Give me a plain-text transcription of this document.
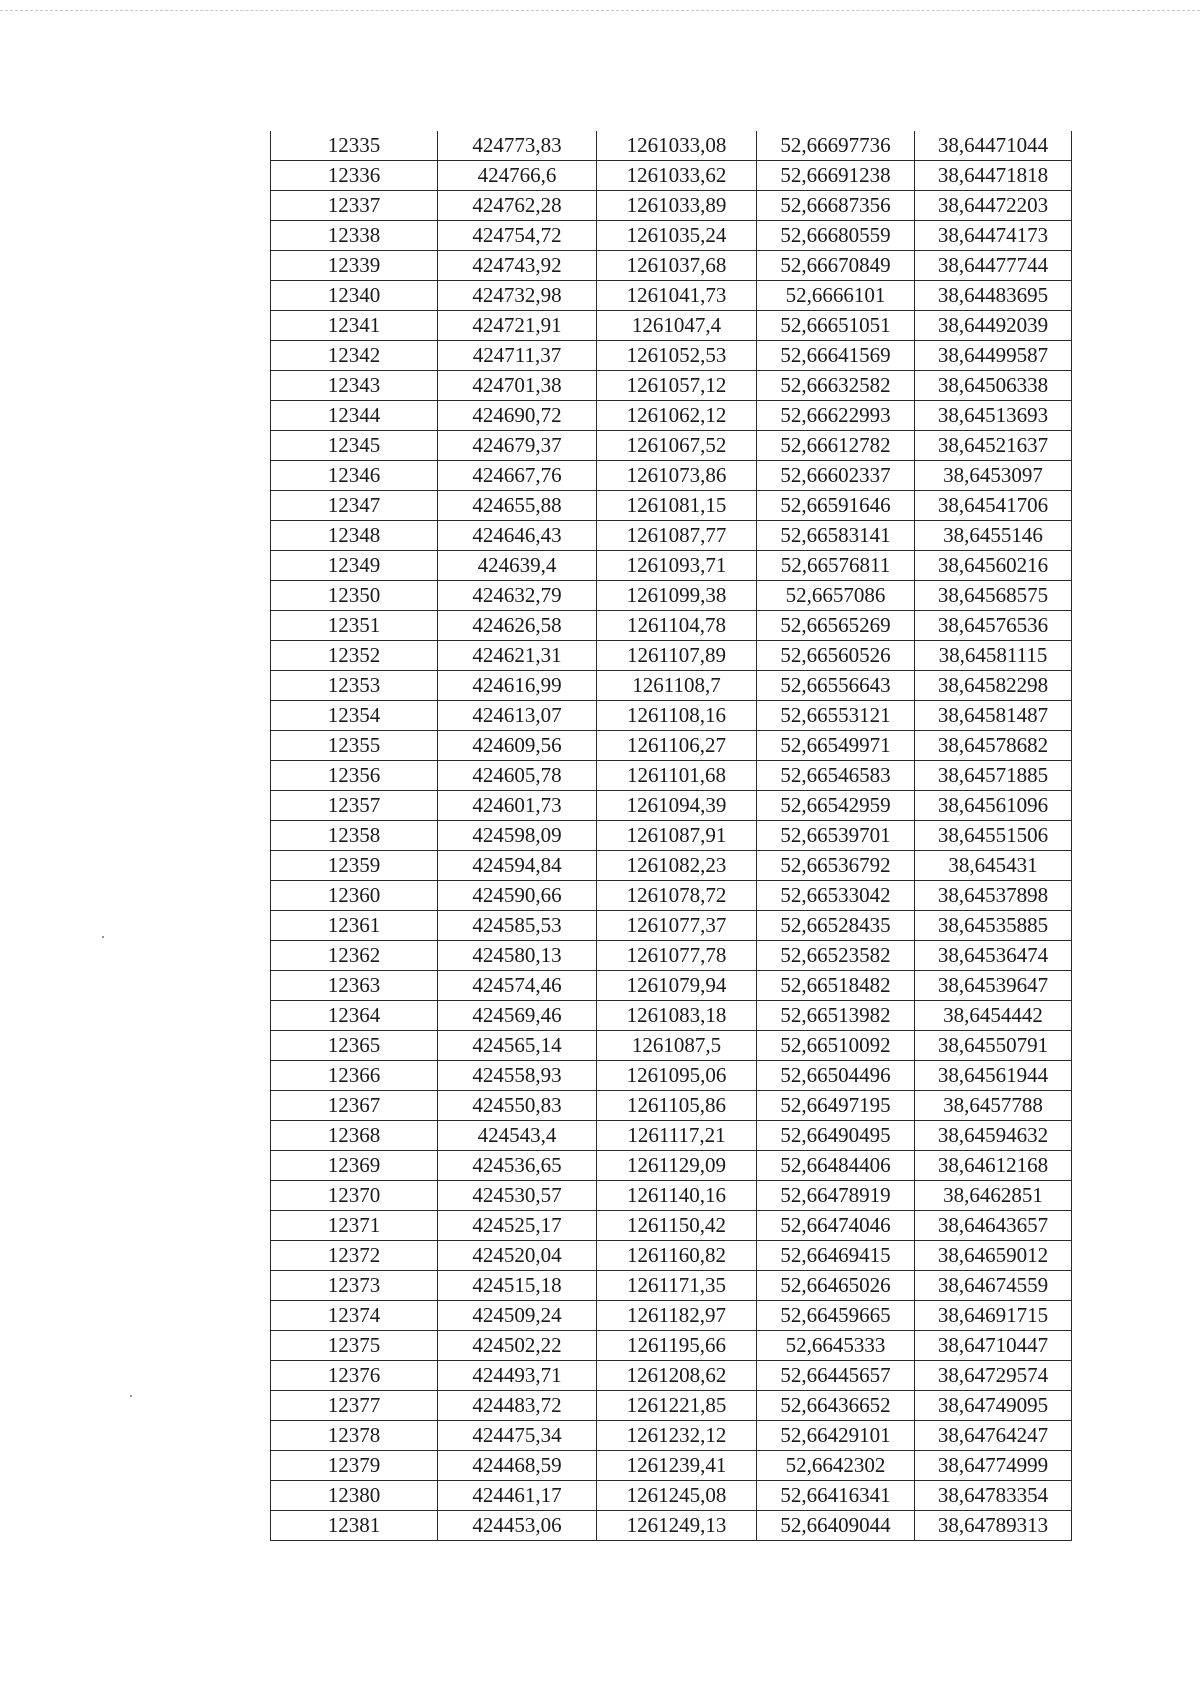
12335	424773,83	1261033,08	52,66697736	38,64471044
12336	424766,6	1261033,62	52,66691238	38,64471818
12337	424762,28	1261033,89	52,66687356	38,64472203
12338	424754,72	1261035,24	52,66680559	38,64474173
12339	424743,92	1261037,68	52,66670849	38,64477744
12340	424732,98	1261041,73	52,6666101	38,64483695
12341	424721,91	1261047,4	52,66651051	38,64492039
12342	424711,37	1261052,53	52,66641569	38,64499587
12343	424701,38	1261057,12	52,66632582	38,64506338
12344	424690,72	1261062,12	52,66622993	38,64513693
12345	424679,37	1261067,52	52,66612782	38,64521637
12346	424667,76	1261073,86	52,66602337	38,6453097
12347	424655,88	1261081,15	52,66591646	38,64541706
12348	424646,43	1261087,77	52,66583141	38,6455146
12349	424639,4	1261093,71	52,66576811	38,64560216
12350	424632,79	1261099,38	52,6657086	38,64568575
12351	424626,58	1261104,78	52,66565269	38,64576536
12352	424621,31	1261107,89	52,66560526	38,64581115
12353	424616,99	1261108,7	52,66556643	38,64582298
12354	424613,07	1261108,16	52,66553121	38,64581487
12355	424609,56	1261106,27	52,66549971	38,64578682
12356	424605,78	1261101,68	52,66546583	38,64571885
12357	424601,73	1261094,39	52,66542959	38,64561096
12358	424598,09	1261087,91	52,66539701	38,64551506
12359	424594,84	1261082,23	52,66536792	38,645431
12360	424590,66	1261078,72	52,66533042	38,64537898
12361	424585,53	1261077,37	52,66528435	38,64535885
12362	424580,13	1261077,78	52,66523582	38,64536474
12363	424574,46	1261079,94	52,66518482	38,64539647
12364	424569,46	1261083,18	52,66513982	38,6454442
12365	424565,14	1261087,5	52,66510092	38,64550791
12366	424558,93	1261095,06	52,66504496	38,64561944
12367	424550,83	1261105,86	52,66497195	38,6457788
12368	424543,4	1261117,21	52,66490495	38,64594632
12369	424536,65	1261129,09	52,66484406	38,64612168
12370	424530,57	1261140,16	52,66478919	38,6462851
12371	424525,17	1261150,42	52,66474046	38,64643657
12372	424520,04	1261160,82	52,66469415	38,64659012
12373	424515,18	1261171,35	52,66465026	38,64674559
12374	424509,24	1261182,97	52,66459665	38,64691715
12375	424502,22	1261195,66	52,6645333	38,64710447
12376	424493,71	1261208,62	52,66445657	38,64729574
12377	424483,72	1261221,85	52,66436652	38,64749095
12378	424475,34	1261232,12	52,66429101	38,64764247
12379	424468,59	1261239,41	52,6642302	38,64774999
12380	424461,17	1261245,08	52,66416341	38,64783354
12381	424453,06	1261249,13	52,66409044	38,64789313
